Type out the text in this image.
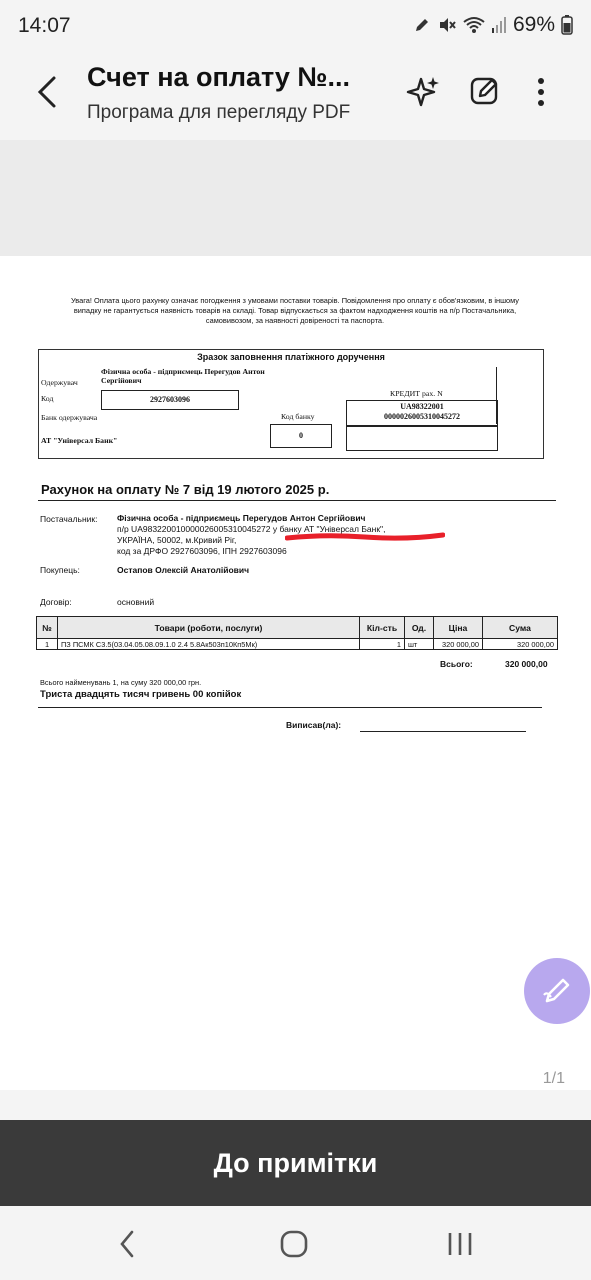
14:07	69%
Счет на оплату №...
Програма для перегляду PDF
Увага! Оплата цього рахунку означає погодження з умовами поставки товарів. Повідомлення про оплату є обов'язковим, в іншому випадку не гарантується наявність товарів на складі. Товар відпускається за фактом надходження коштів на п/р Постачальника, самовивозом, за наявності довіреності та паспорта.
Зразок заповнення платіжного доручення
Одержувач
Фізична особа - підприємець Перегудов Антон Сергійович
Код	2927603096
Банк одержувача
АТ "Універсал Банк"
Код банку
0
КРЕДИТ рах. N
UA98322001
00000260053100452​72
Рахунок на оплату № 7 від 19 лютого 2025 р.
Постачальник: Фізична особа - підприємець Перегудов Антон Сергійович
п/р UA983220010000026005310045272 у банку АТ "Універсал Банк",
УКРАЇНА, 50002, м.Кривий Ріг,
код за ДРФО 2927603096, ІПН 2927603096
Покупець:	Остапов Олексій Анатолійович
Договір:	основний
№	Товари (роботи, послуги)	Кіл-сть	Од.	Ціна	Сума
1	ПЗ ПСМК С3.5(03.04.05.08.09.1.0 2.4 5.8Ак503п10Кп5Мк)	1	шт	320 000,00	320 000,00
Всього:	320 000,00
Всього найменувань 1, на суму 320 000,00 грн.
Триста двадцять тисяч гривень 00 копійок
Виписав(ла):
1/1
До примітки
